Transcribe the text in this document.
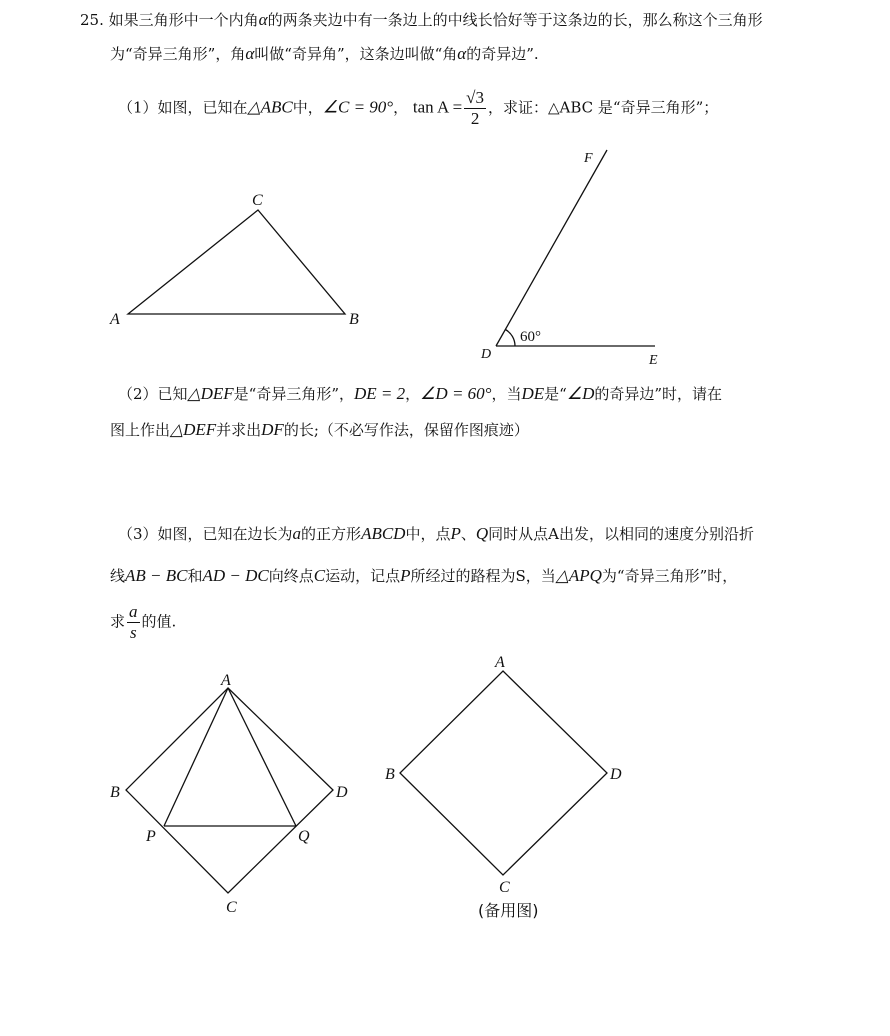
25. 如果三角形中一个内角α的两条夹边中有一条边上的中线长恰好等于这条边的长，那么称这个三角形
为“奇异三角形”，角α叫做“奇异角”，这条边叫做“角α的奇异边”.
（1）如图，已知在△ABC中，∠C = 90°， $\tan A = \frac{√3}{2}$ ，求证：△ABC 是“奇异三角形”；
（2）已知△DEF是“奇异三角形”，DE = 2，∠D = 60°，当DE是“∠D的奇异边”时，请在
图上作出△DEF并求出DF的长;（不必写作法，保留作图痕迹）
（3）如图，已知在边长为a的正方形ABCD中，点P、Q同时从点A出发，以相同的速度分别沿折
线AB − BC和AD − DC向终点C运动，记点P所经过的路程为S，当△APQ为“奇异三角形”时，
求 $\frac{a}{s}$ 的值.
C
A	B
F
D	E
60°
A
B	D
P	Q
C
A
B	D
C
(备用图)
